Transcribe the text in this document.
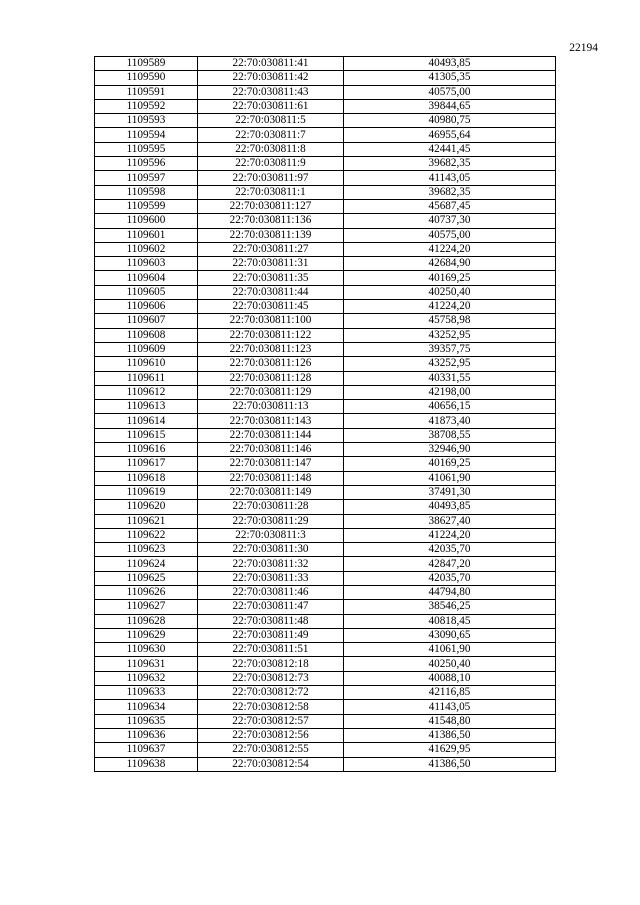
22194
1109589	22:70:030811:41	40493,85
1109590	22:70:030811:42	41305,35
1109591	22:70:030811:43	40575,00
1109592	22:70:030811:61	39844,65
1109593	22:70:030811:5	40980,75
1109594	22:70:030811:7	46955,64
1109595	22:70:030811:8	42441,45
1109596	22:70:030811:9	39682,35
1109597	22:70:030811:97	41143,05
1109598	22:70:030811:1	39682,35
1109599	22:70:030811:127	45687,45
1109600	22:70:030811:136	40737,30
1109601	22:70:030811:139	40575,00
1109602	22:70:030811:27	41224,20
1109603	22:70:030811:31	42684,90
1109604	22:70:030811:35	40169,25
1109605	22:70:030811:44	40250,40
1109606	22:70:030811:45	41224,20
1109607	22:70:030811:100	45758,98
1109608	22:70:030811:122	43252,95
1109609	22:70:030811:123	39357,75
1109610	22:70:030811:126	43252,95
1109611	22:70:030811:128	40331,55
1109612	22:70:030811:129	42198,00
1109613	22:70:030811:13	40656,15
1109614	22:70:030811:143	41873,40
1109615	22:70:030811:144	38708,55
1109616	22:70:030811:146	32946,90
1109617	22:70:030811:147	40169,25
1109618	22:70:030811:148	41061,90
1109619	22:70:030811:149	37491,30
1109620	22:70:030811:28	40493,85
1109621	22:70:030811:29	38627,40
1109622	22:70:030811:3	41224,20
1109623	22:70:030811:30	42035,70
1109624	22:70:030811:32	42847,20
1109625	22:70:030811:33	42035,70
1109626	22:70:030811:46	44794,80
1109627	22:70:030811:47	38546,25
1109628	22:70:030811:48	40818,45
1109629	22:70:030811:49	43090,65
1109630	22:70:030811:51	41061,90
1109631	22:70:030812:18	40250,40
1109632	22:70:030812:73	40088,10
1109633	22:70:030812:72	42116,85
1109634	22:70:030812:58	41143,05
1109635	22:70:030812:57	41548,80
1109636	22:70:030812:56	41386,50
1109637	22:70:030812:55	41629,95
1109638	22:70:030812:54	41386,50
